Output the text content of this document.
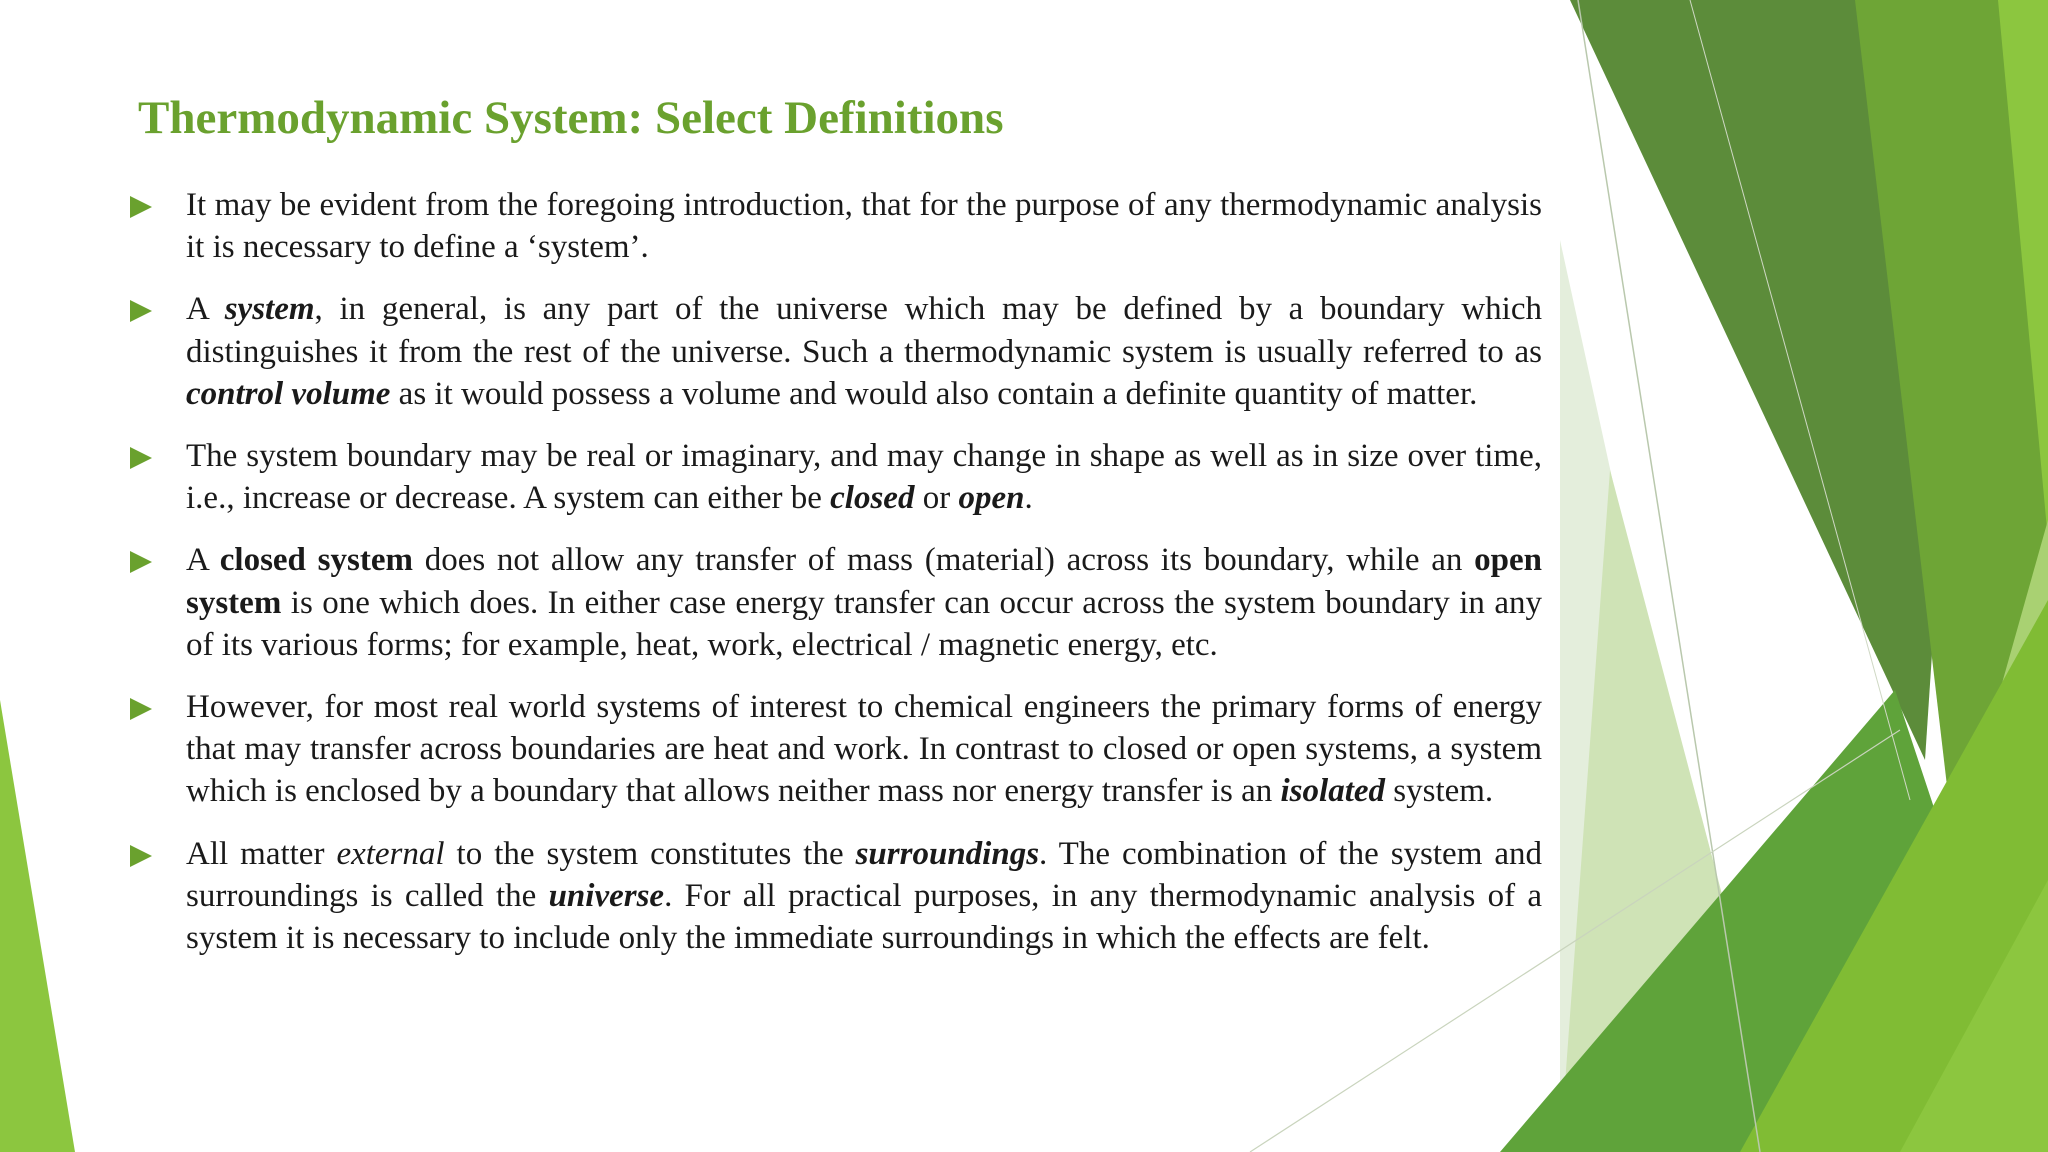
Thermodynamic System: Select Definitions
It may be evident from the foregoing introduction, that for the purpose of any thermodynamic analysis it is necessary to define a ‘system’.
A system, in general, is any part of the universe which may be defined by a boundary which distinguishes it from the rest of the universe. Such a thermodynamic system is usually referred to as control volume as it would possess a volume and would also contain a definite quantity of matter.
The system boundary may be real or imaginary, and may change in shape as well as in size over time, i.e., increase or decrease. A system can either be closed or open.
A closed system does not allow any transfer of mass (material) across its boundary, while an open system is one which does. In either case energy transfer can occur across the system boundary in any of its various forms; for example, heat, work, electrical / magnetic energy, etc.
However, for most real world systems of interest to chemical engineers the primary forms of energy that may transfer across boundaries are heat and work. In contrast to closed or open systems, a system which is enclosed by a boundary that allows neither mass nor energy transfer is an isolated system.
All matter external to the system constitutes the surroundings. The combination of the system and surroundings is called the universe. For all practical purposes, in any thermodynamic analysis of a system it is necessary to include only the immediate surroundings in which the effects are felt.
